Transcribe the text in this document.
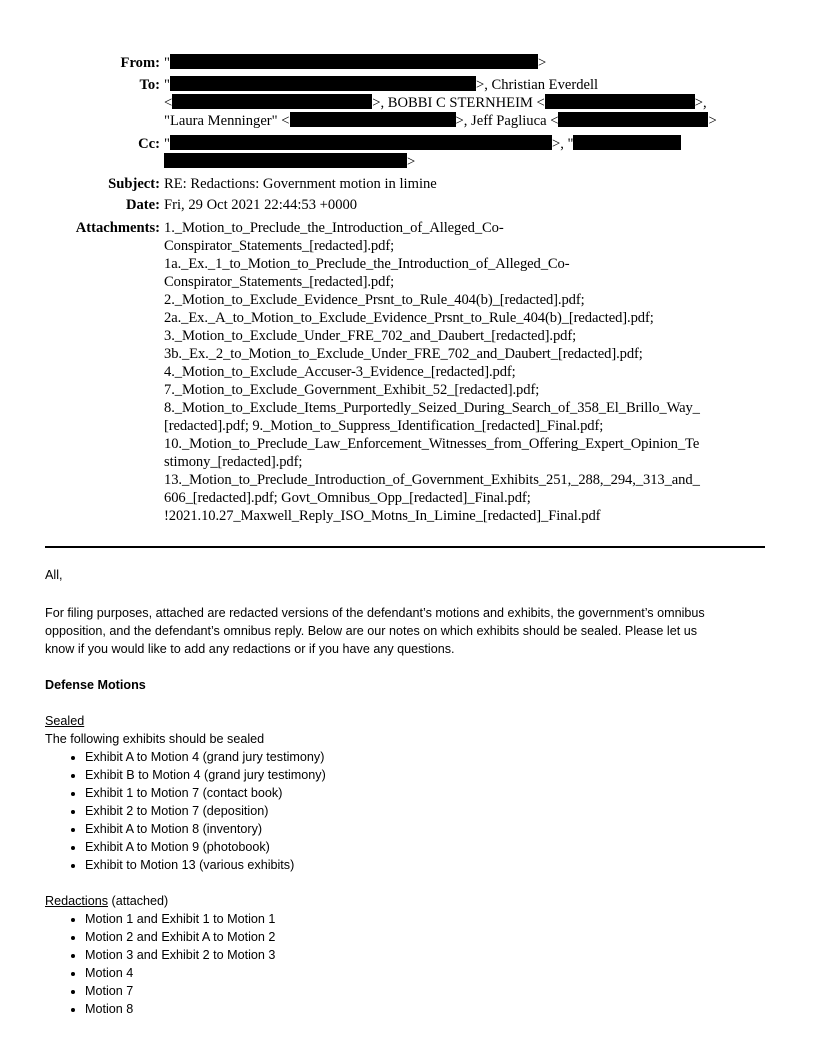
From: "	>
To: "	>, Christian Everdell
<	>, BOBBI C STERNHEIM <	>,
"Laura Menninger" <	>, Jeff Pagliuca <	>
Cc: "	>, "
>
Subject: RE: Redactions: Government motion in limine
Date: Fri, 29 Oct 2021 22:44:53 +0000
Attachments: 1._Motion_to_Preclude_the_Introduction_of_Alleged_Co-
Conspirator_Statements_[redacted].pdf;
1a._Ex._1_to_Motion_to_Preclude_the_Introduction_of_Alleged_Co-
Conspirator_Statements_[redacted].pdf;
2._Motion_to_Exclude_Evidence_Prsnt_to_Rule_404(b)_[redacted].pdf;
2a._Ex._A_to_Motion_to_Exclude_Evidence_Prsnt_to_Rule_404(b)_[redacted].pdf;
3._Motion_to_Exclude_Under_FRE_702_and_Daubert_[redacted].pdf;
3b._Ex._2_to_Motion_to_Exclude_Under_FRE_702_and_Daubert_[redacted].pdf;
4._Motion_to_Exclude_Accuser-3_Evidence_[redacted].pdf;
7._Motion_to_Exclude_Government_Exhibit_52_[redacted].pdf;
8._Motion_to_Exclude_Items_Purportedly_Seized_During_Search_of_358_El_Brillo_Way_
[redacted].pdf; 9._Motion_to_Suppress_Identification_[redacted]_Final.pdf;
10._Motion_to_Preclude_Law_Enforcement_Witnesses_from_Offering_Expert_Opinion_Te
stimony_[redacted].pdf;
13._Motion_to_Preclude_Introduction_of_Government_Exhibits_251,_288,_294,_313_and_
606_[redacted].pdf; Govt_Omnibus_Opp_[redacted]_Final.pdf;
!2021.10.27_Maxwell_Reply_ISO_Motns_In_Limine_[redacted]_Final.pdf

All,

For filing purposes, attached are redacted versions of the defendant’s motions and exhibits, the government’s omnibus
opposition, and the defendant’s omnibus reply. Below are our notes on which exhibits should be sealed. Please let us
know if you would like to add any redactions or if you have any questions.

Defense Motions

Sealed

The following exhibits should be sealed

• Exhibit A to Motion 4 (grand jury testimony)
• Exhibit B to Motion 4 (grand jury testimony)
• Exhibit 1 to Motion 7 (contact book)
• Exhibit 2 to Motion 7 (deposition)
• Exhibit A to Motion 8 (inventory)
• Exhibit A to Motion 9 (photobook)
• Exhibit to Motion 13 (various exhibits)

Redactions (attached)

• Motion 1 and Exhibit 1 to Motion 1
• Motion 2 and Exhibit A to Motion 2
• Motion 3 and Exhibit 2 to Motion 3
• Motion 4
• Motion 7
• Motion 8
